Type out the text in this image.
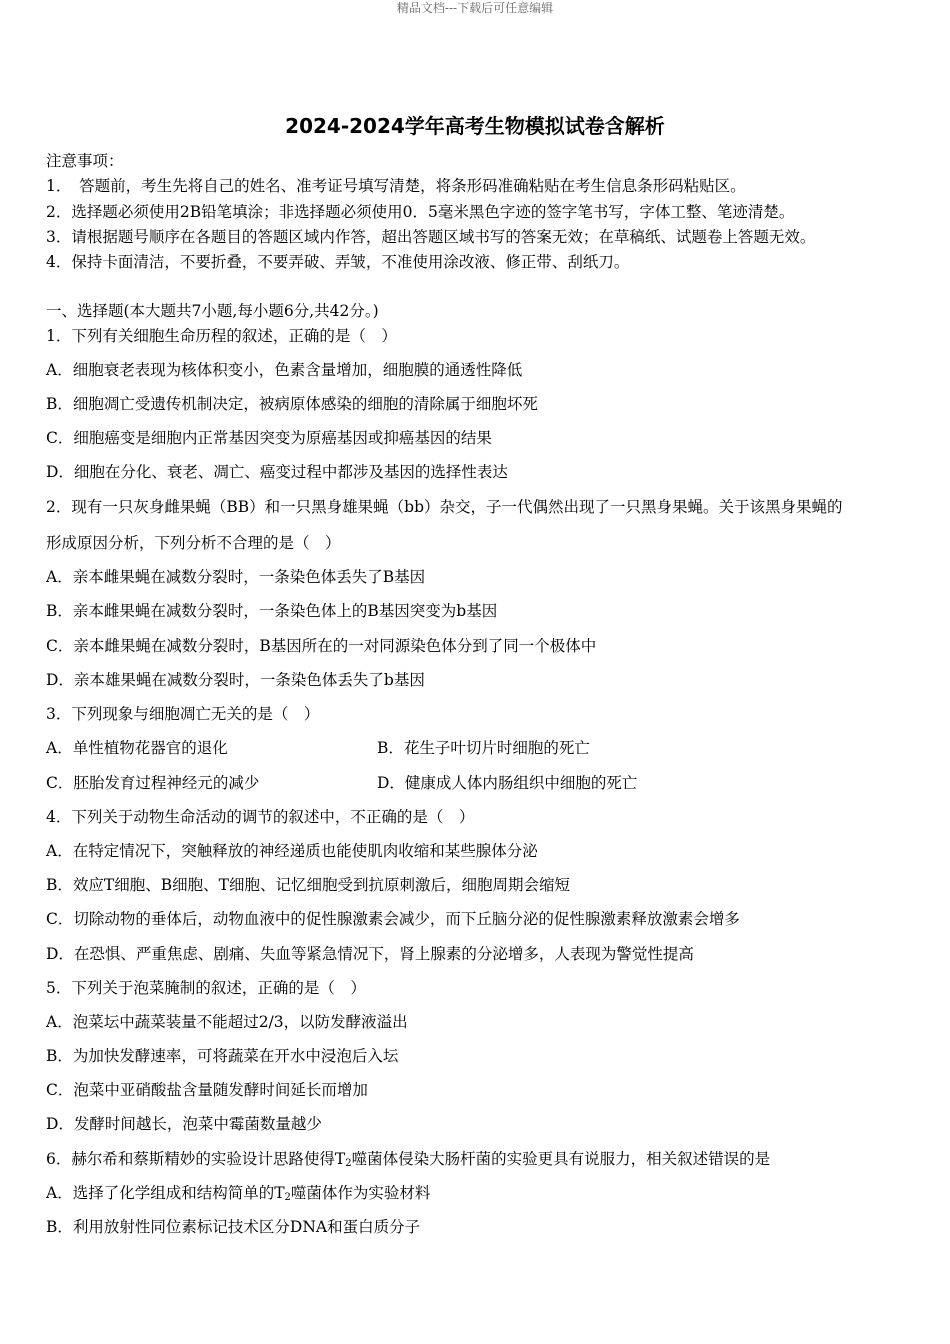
精品文档---下载后可任意编辑
2024-2024学年高考生物模拟试卷含解析
注意事项：
1．　答题前，考生先将自己的姓名、准考证号填写清楚，将条形码准确粘贴在考生信息条形码粘贴区。
2．选择题必须使用2B铅笔填涂；非选择题必须使用0．5毫米黑色字迹的签字笔书写，字体工整、笔迹清楚。
3．请根据题号顺序在各题目的答题区域内作答，超出答题区域书写的答案无效；在草稿纸、试题卷上答题无效。
4．保持卡面清洁，不要折叠，不要弄破、弄皱，不准使用涂改液、修正带、刮纸刀。
一、选择题(本大题共7小题,每小题6分,共42分。)
1．下列有关细胞生命历程的叙述，正确的是（　）
A．细胞衰老表现为核体积变小，色素含量增加，细胞膜的通透性降低
B．细胞凋亡受遗传机制决定，被病原体感染的细胞的清除属于细胞坏死
C．细胞癌变是细胞内正常基因突变为原癌基因或抑癌基因的结果
D．细胞在分化、衰老、凋亡、癌变过程中都涉及基因的选择性表达
2．现有一只灰身雌果蝇（BB）和一只黑身雄果蝇（bb）杂交，子一代偶然出现了一只黑身果蝇。关于该黑身果蝇的
形成原因分析，下列分析不合理的是（　）
A．亲本雌果蝇在减数分裂时，一条染色体丢失了B基因
B．亲本雌果蝇在减数分裂时，一条染色体上的B基因突变为b基因
C．亲本雌果蝇在减数分裂时，B基因所在的一对同源染色体分到了同一个极体中
D．亲本雄果蝇在减数分裂时，一条染色体丢失了b基因
3．下列现象与细胞凋亡无关的是（　）
A．单性植物花器官的退化	B．花生子叶切片时细胞的死亡
C．胚胎发育过程神经元的减少	D．健康成人体内肠组织中细胞的死亡
4．下列关于动物生命活动的调节的叙述中，不正确的是（　）
A．在特定情况下，突触释放的神经递质也能使肌肉收缩和某些腺体分泌
B．效应T细胞、B细胞、T细胞、记忆细胞受到抗原刺激后，细胞周期会缩短
C．切除动物的垂体后，动物血液中的促性腺激素会减少，而下丘脑分泌的促性腺激素释放激素会增多
D．在恐惧、严重焦虑、剧痛、失血等紧急情况下，肾上腺素的分泌增多，人表现为警觉性提高
5．下列关于泡菜腌制的叙述，正确的是（　）
A．泡菜坛中蔬菜装量不能超过2/3，以防发酵液溢出
B．为加快发酵速率，可将蔬菜在开水中浸泡后入坛
C．泡菜中亚硝酸盐含量随发酵时间延长而增加
D．发酵时间越长，泡菜中霉菌数量越少
6．赫尔希和蔡斯精妙的实验设计思路使得$T_2$噬菌体侵染大肠杆菌的实验更具有说服力，相关叙述错误的是
A．选择了化学组成和结构简单的$T_2$噬菌体作为实验材料
B．利用放射性同位素标记技术区分DNA和蛋白质分子
